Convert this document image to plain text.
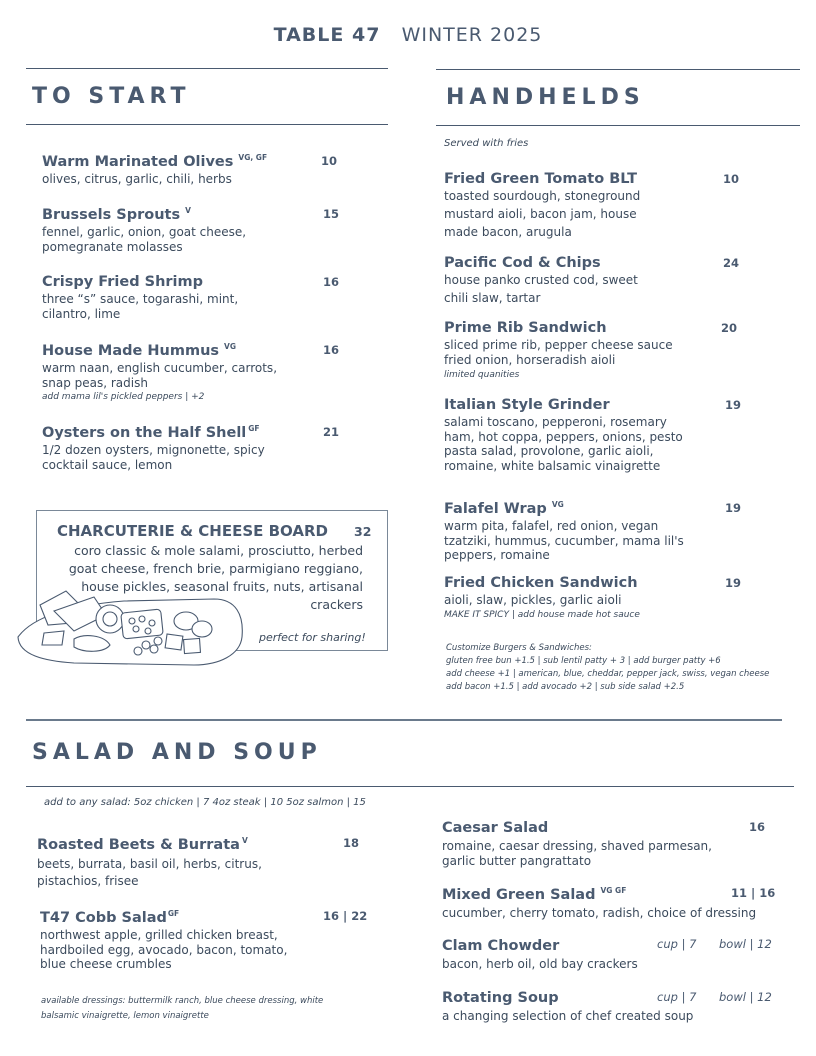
TABLE 47 WINTER 2025
TO START
Warm Marinated Olives $^{VG, GF}$
olives, citrus, garlic, chili, herbs
10
Brussels Sprouts $^V$
fennel, garlic, onion, goat cheese, pomegranate molasses
15
Crispy Fried Shrimp
three “s” sauce, togarashi, mint, cilantro, lime
16
House Made Hummus $^{VG}$
warm naan, english cucumber, carrots, snap peas, radish
add mama lil's pickled peppers | +2
16
Oysters on the Half Shell $^{GF}$
1/2 dozen oysters, mignonette, spicy cocktail sauce, lemon
21
CHARCUTERIE & CHEESE BOARD 32
coro classic & mole salami, prosciutto, herbed goat cheese, french brie, parmigiano reggiano, house pickles, seasonal fruits, nuts, artisanal crackers
perfect for sharing!
HANDHELDS
Served with fries
Fried Green Tomato BLT
toasted sourdough, stoneground mustard aioli, bacon jam, house made bacon, arugula
10
Pacific Cod & Chips
house panko crusted cod, sweet chili slaw, tartar
24
Prime Rib Sandwich
sliced prime rib, pepper cheese sauce fried onion, horseradish aioli
limited quanities
20
Italian Style Grinder
salami toscano, pepperoni, rosemary ham, hot coppa, peppers, onions, pesto pasta salad, provolone, garlic aioli, romaine, white balsamic vinaigrette
19
Falafel Wrap $^{VG}$
warm pita, falafel, red onion, vegan tzatziki, hummus, cucumber, mama lil's peppers, romaine
19
Fried Chicken Sandwich
aioli, slaw, pickles, garlic aioli
MAKE IT SPICY | add house made hot sauce
19
Customize Burgers & Sandwiches:
gluten free bun +1.5 | sub lentil patty + 3 | add burger patty +6
add cheese +1 | american, blue, cheddar, pepper jack, swiss, vegan cheese
add bacon +1.5 | add avocado +2 | sub side salad +2.5
SALAD AND SOUP
add to any salad: 5oz chicken | 7 4oz steak | 10 5oz salmon | 15
Roasted Beets & Burrata $^V$
beets, burrata, basil oil, herbs, citrus, pistachios, frisee
18
T47 Cobb Salad$^{GF}$
northwest apple, grilled chicken breast, hardboiled egg, avocado, bacon, tomato, blue cheese crumbles
16 | 22
available dressings: buttermilk ranch, blue cheese dressing, white balsamic vinaigrette, lemon vinaigrette
Caesar Salad
romaine, caesar dressing, shaved parmesan, garlic butter pangrattato
16
Mixed Green Salad $^{VG GF}$
cucumber, cherry tomato, radish, choice of dressing
11 | 16
Clam Chowder
bacon, herb oil, old bay crackers
cup | 7 bowl | 12
Rotating Soup
a changing selection of chef created soup
cup | 7 bowl | 12
